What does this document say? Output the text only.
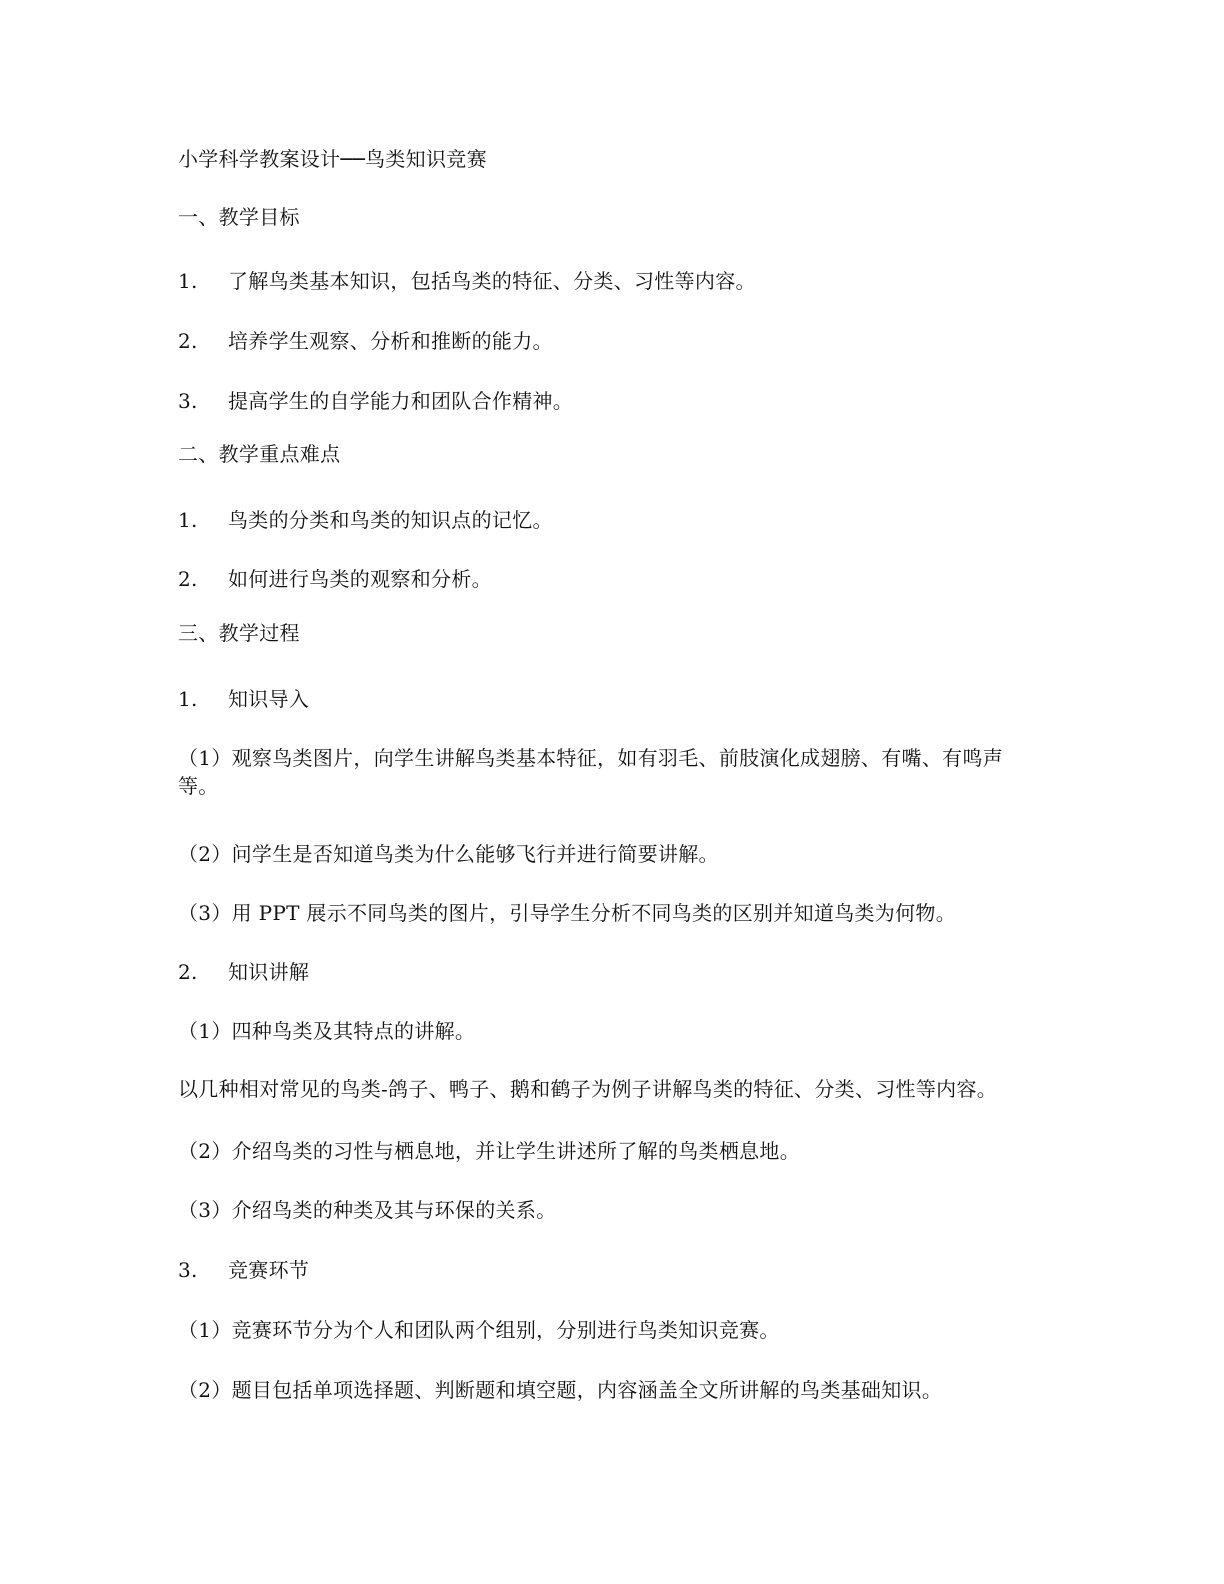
小学科学教案设计──鸟类知识竞赛
一、教学目标
1. 了解鸟类基本知识，包括鸟类的特征、分类、习性等内容。
2. 培养学生观察、分析和推断的能力。
3. 提高学生的自学能力和团队合作精神。
二、教学重点难点
1. 鸟类的分类和鸟类的知识点的记忆。
2. 如何进行鸟类的观察和分析。
三、教学过程
1. 知识导入
（1）观察鸟类图片，向学生讲解鸟类基本特征，如有羽毛、前肢演化成翅膀、有嘴、有鸣声等。
（2）问学生是否知道鸟类为什么能够飞行并进行简要讲解。
（3）用 PPT 展示不同鸟类的图片，引导学生分析不同鸟类的区别并知道鸟类为何物。
2. 知识讲解
（1）四种鸟类及其特点的讲解。
以几种相对常见的鸟类-鸽子、鸭子、鹅和鹤子为例子讲解鸟类的特征、分类、习性等内容。
（2）介绍鸟类的习性与栖息地，并让学生讲述所了解的鸟类栖息地。
（3）介绍鸟类的种类及其与环保的关系。
3. 竞赛环节
（1）竞赛环节分为个人和团队两个组别，分别进行鸟类知识竞赛。
（2）题目包括单项选择题、判断题和填空题，内容涵盖全文所讲解的鸟类基础知识。
